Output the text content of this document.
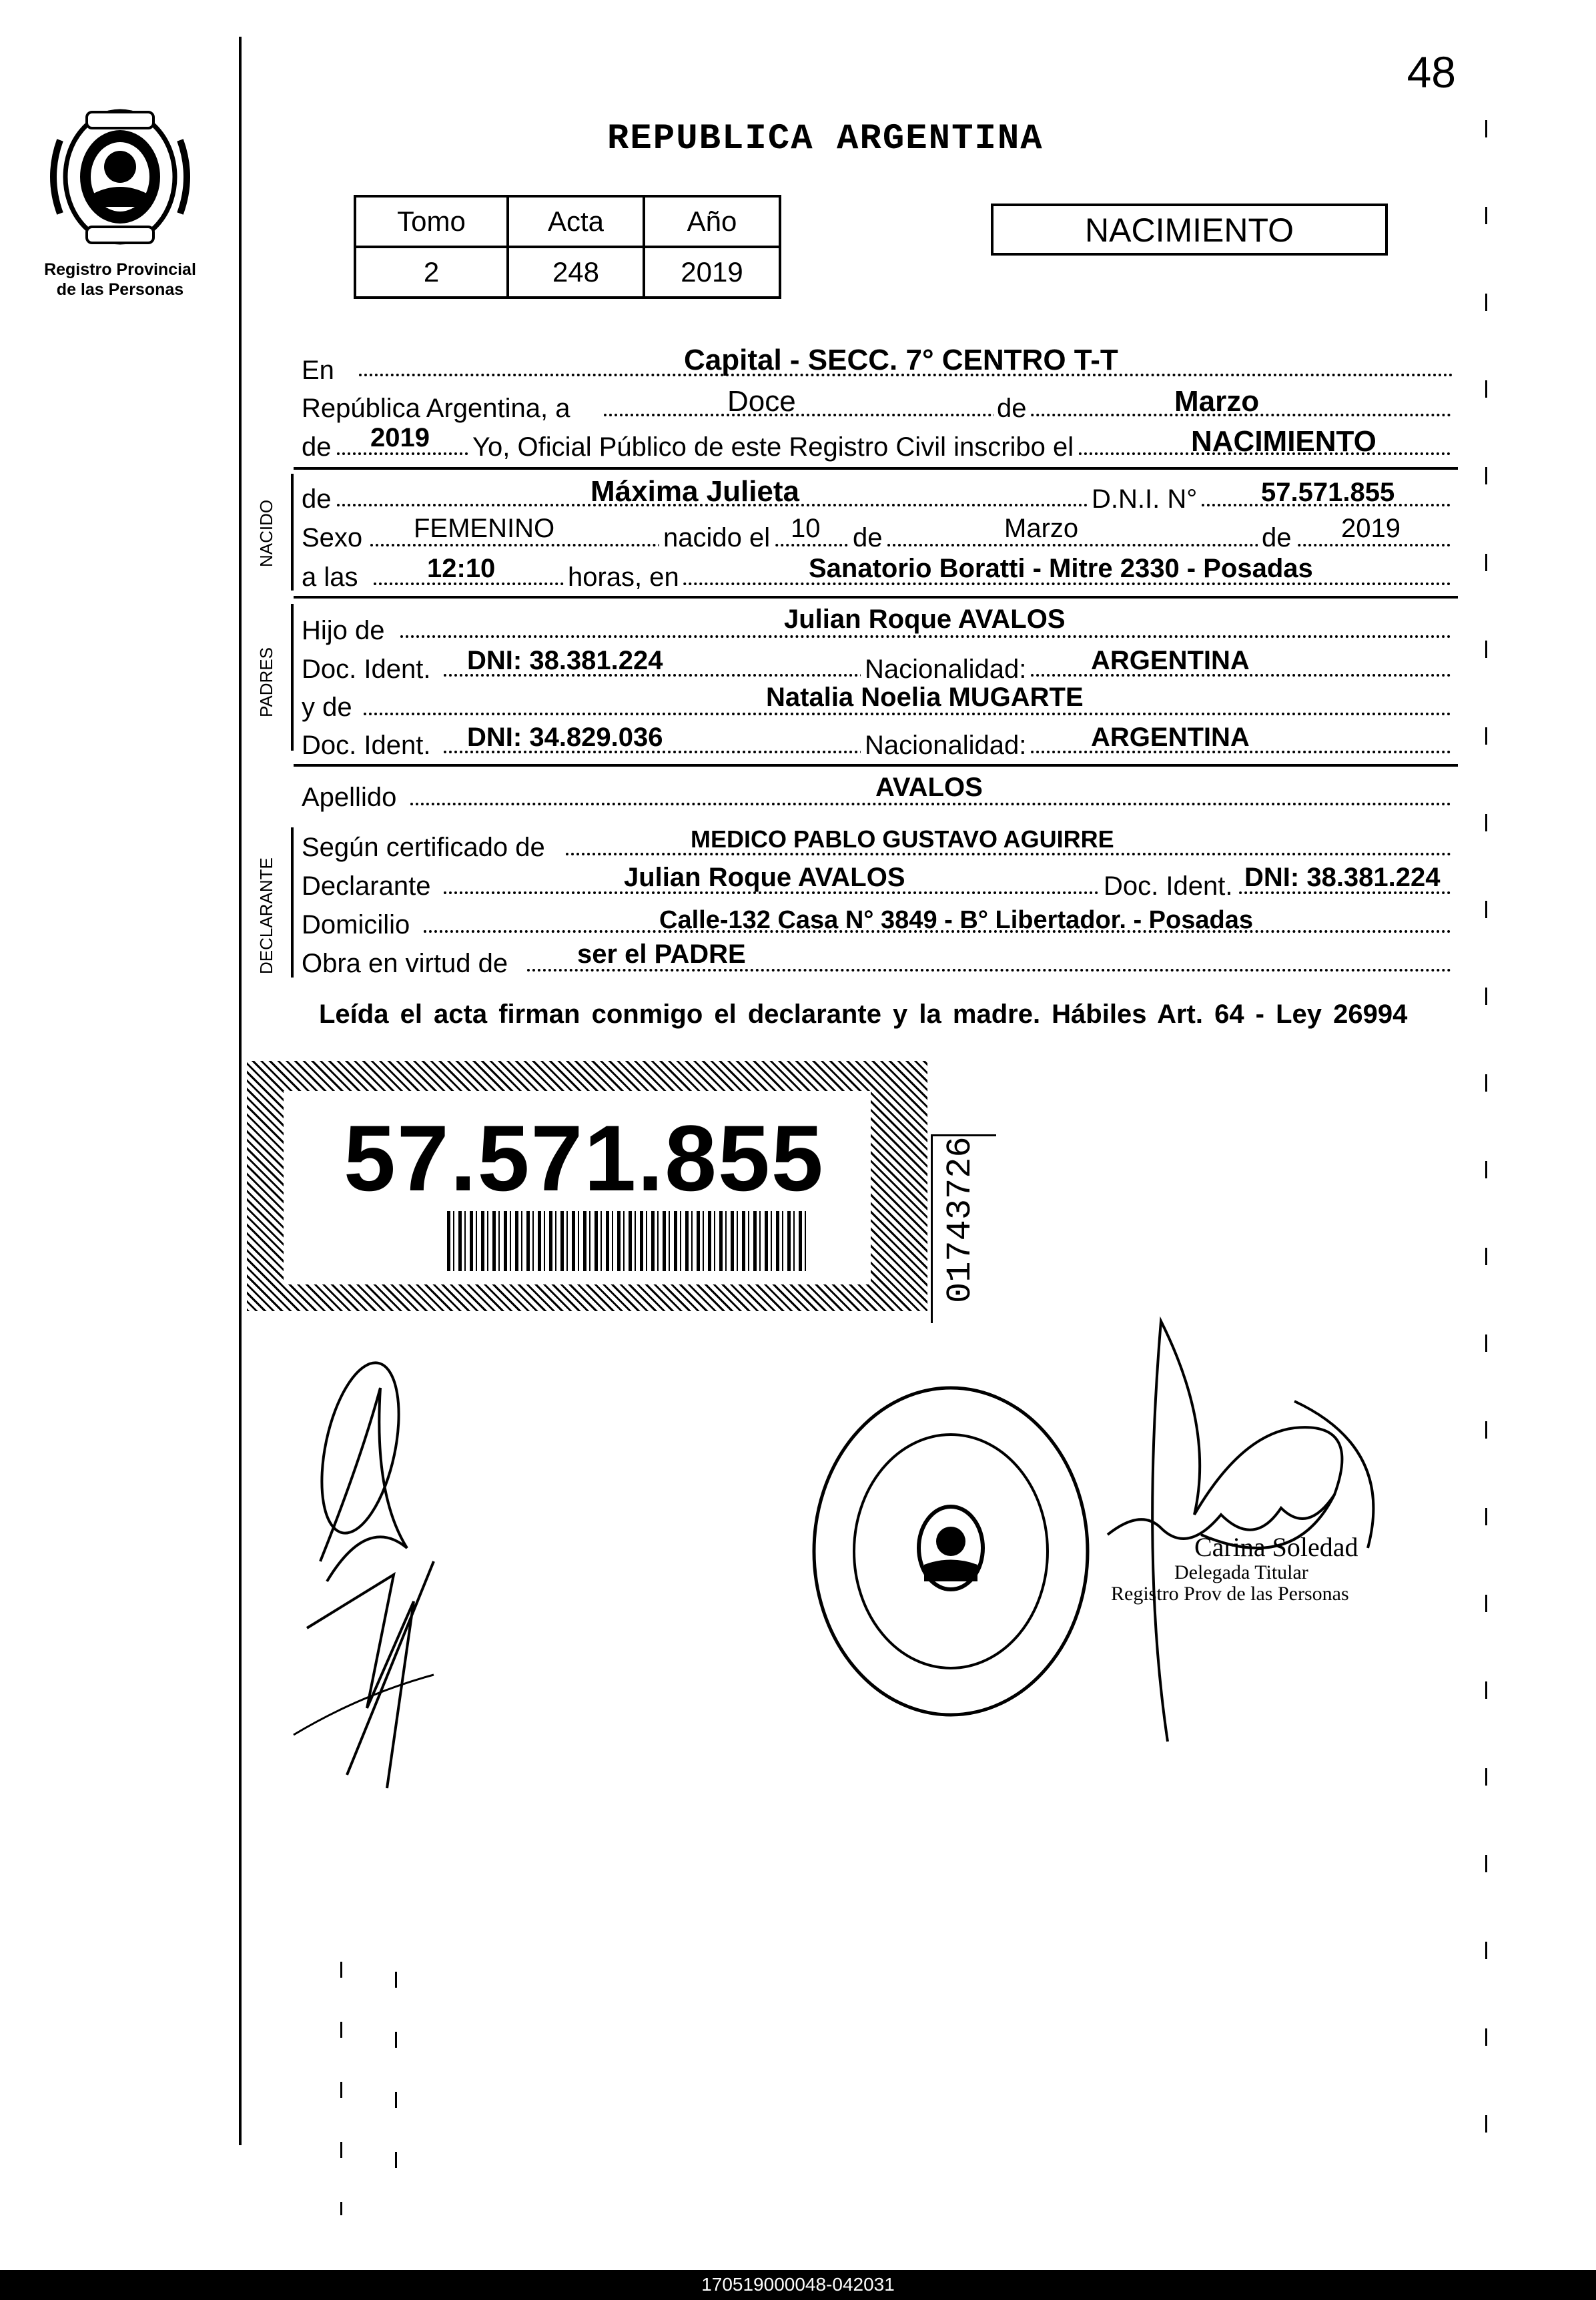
48
Registro Provincial
de las Personas
REPUBLICA ARGENTINA
Tomo	Acta	Año
2	248	2019
NACIMIENTO
En	Capital - SECC. 7° CENTRO T-T
República Argentina, a	Doce	de	Marzo
de 2019 Yo, Oficial Público de este Registro Civil inscribo el	NACIMIENTO
NACIDO
de	Máxima Julieta	D.N.I. N° 57.571.855
Sexo FEMENINO	nacido el 10 de	Marzo	de 2019
a las	12:10	horas, en	Sanatorio Boratti - Mitre 2330 - Posadas
PADRES
Hijo de	Julian Roque AVALOS
Doc. Ident. DNI: 38.381.224	Nacionalidad: ARGENTINA
y de	Natalia Noelia MUGARTE
Doc. Ident. DNI: 34.829.036	Nacionalidad: ARGENTINA
Apellido	AVALOS
DECLARANTE
Según certificado de	MEDICO PABLO GUSTAVO AGUIRRE
Declarante	Julian Roque AVALOS	Doc. Ident. DNI: 38.381.224
Domicilio	Calle-132 Casa N° 3849 - B° Libertador. - Posadas
Obra en virtud de	ser el PADRE
Leída el acta firman conmigo el declarante y la madre. Hábiles Art. 64 - Ley 26994
57.571.855	01743726
Carina Soledad
Delegada Titular
Registro Prov de las Personas
170519000048-042031
